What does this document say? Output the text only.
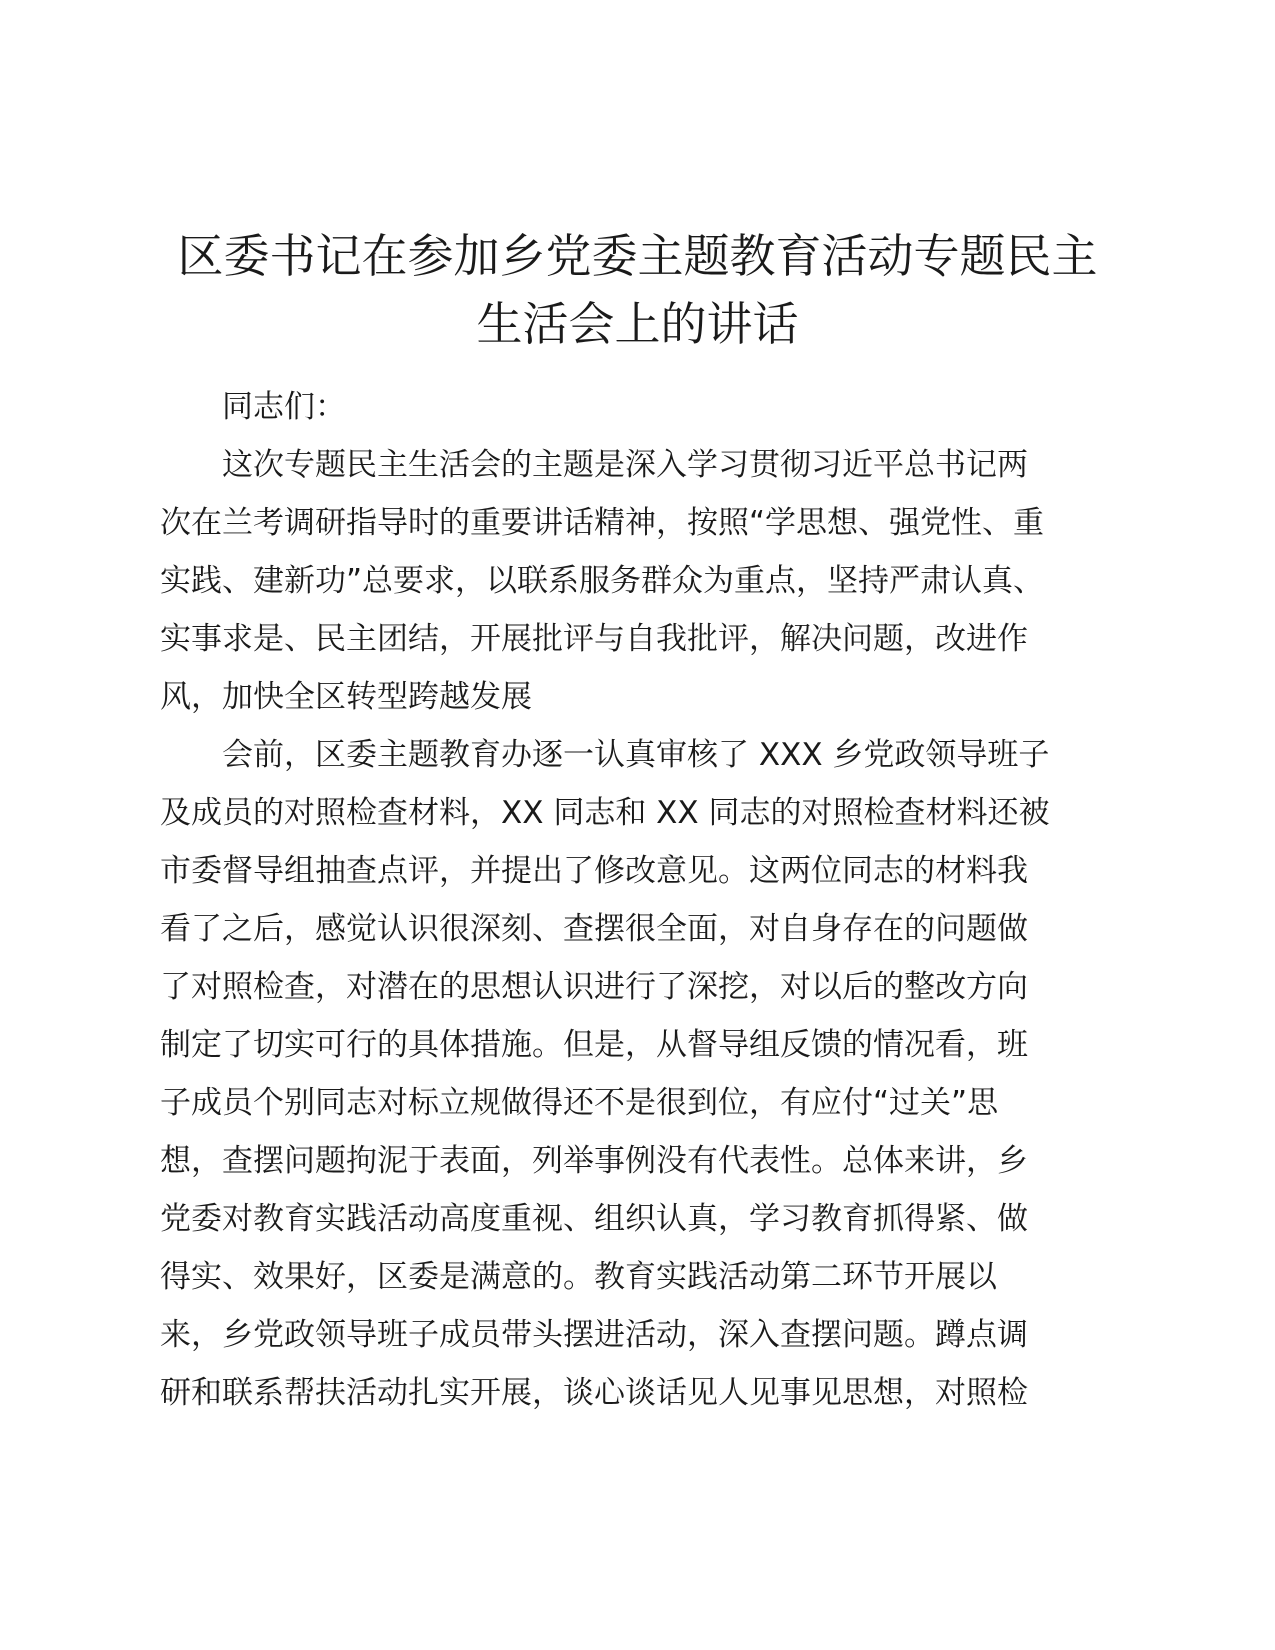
区委书记在参加乡党委主题教育活动专题民主
生活会上的讲话

同志们：

这次专题民主生活会的主题是深入学习贯彻习近平总书记两
次在兰考调研指导时的重要讲话精神，按照“学思想、强党性、重
实践、建新功”总要求，以联系服务群众为重点，坚持严肃认真、
实事求是、民主团结，开展批评与自我批评，解决问题，改进作
风，加快全区转型跨越发展

会前，区委主题教育办逐一认真审核了 XXX 乡党政领导班子
及成员的对照检查材料，XX 同志和 XX 同志的对照检查材料还被
市委督导组抽查点评，并提出了修改意见。这两位同志的材料我
看了之后，感觉认识很深刻、查摆很全面，对自身存在的问题做
了对照检查，对潜在的思想认识进行了深挖，对以后的整改方向
制定了切实可行的具体措施。但是，从督导组反馈的情况看，班
子成员个别同志对标立规做得还不是很到位，有应付“过关”思
想，查摆问题拘泥于表面，列举事例没有代表性。总体来讲，乡
党委对教育实践活动高度重视、组织认真，学习教育抓得紧、做
得实、效果好，区委是满意的。教育实践活动第二环节开展以
来，乡党政领导班子成员带头摆进活动，深入查摆问题。蹲点调
研和联系帮扶活动扎实开展，谈心谈话见人见事见思想，对照检
